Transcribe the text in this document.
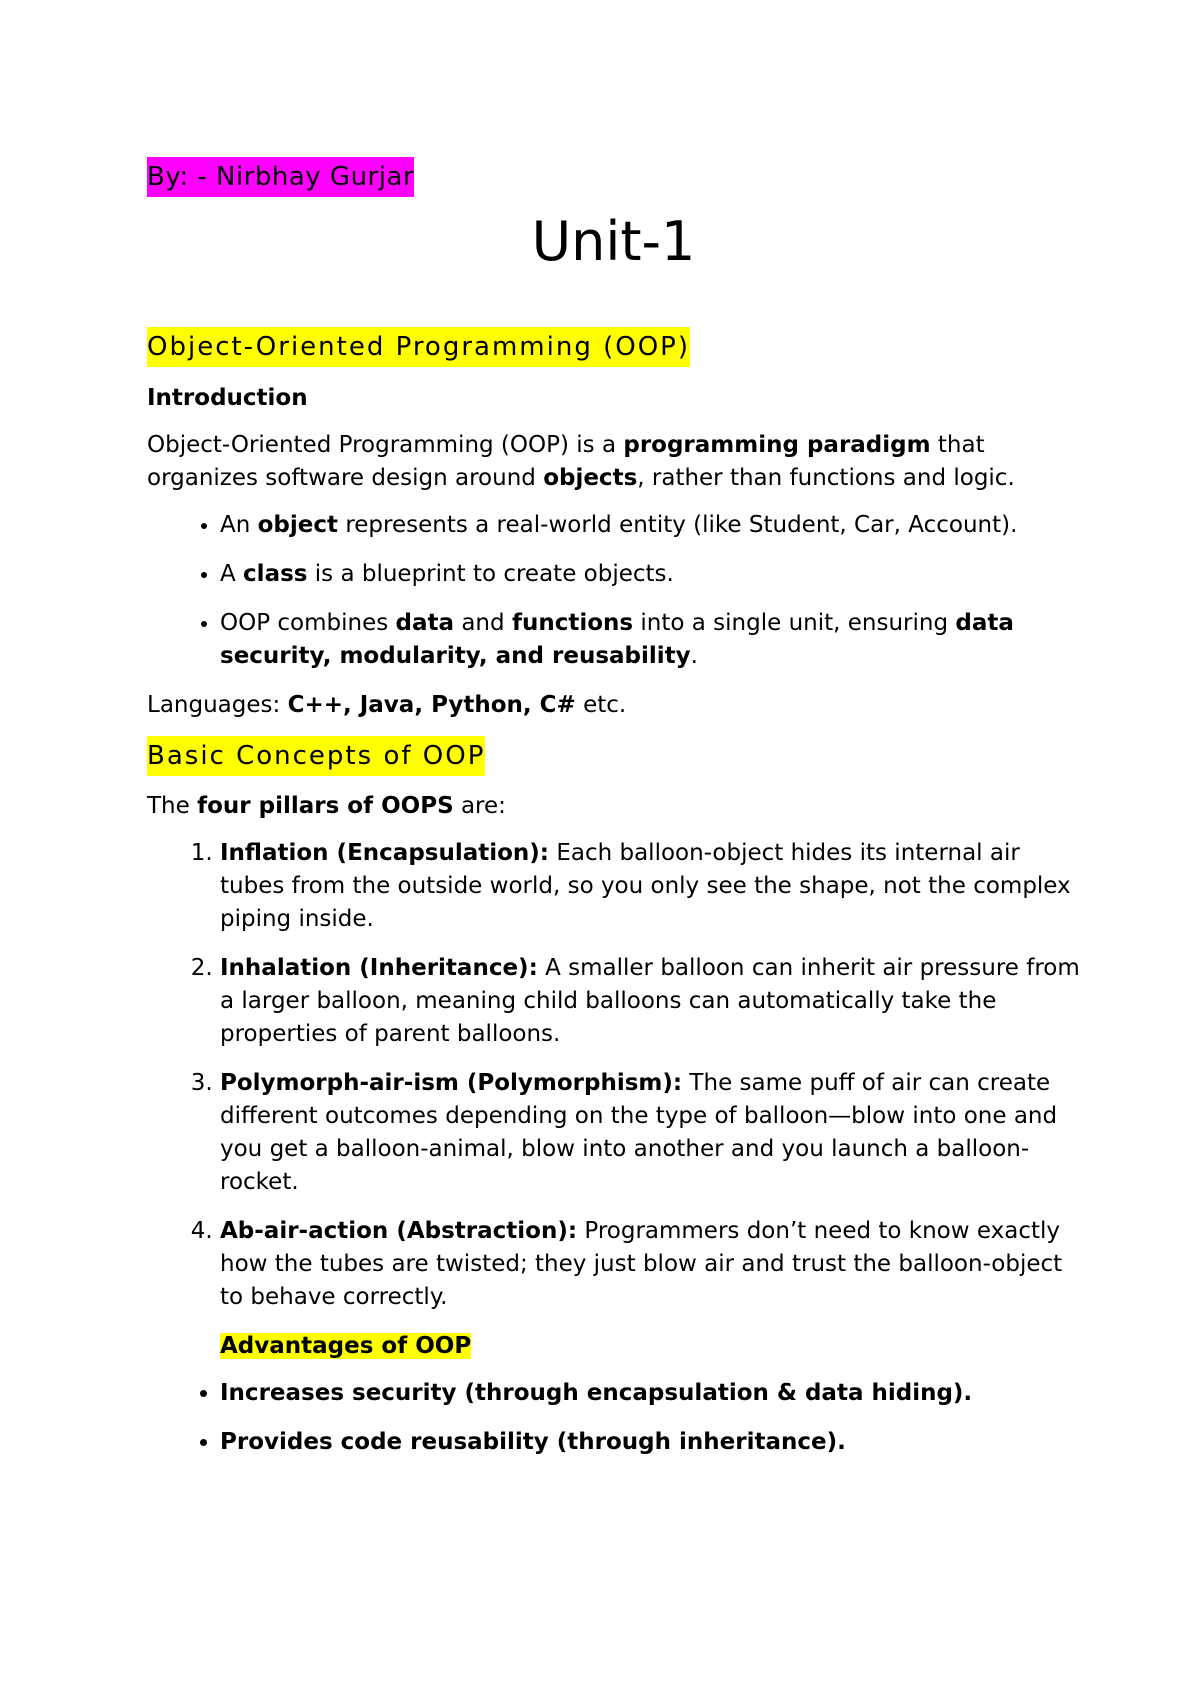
By: - Nirbhay Gurjar
Unit-1
Object-Oriented Programming (OOP)
Introduction

Object-Oriented Programming (OOP) is a programming paradigm that organizes software design around objects, rather than functions and logic.

• An object represents a real-world entity (like Student, Car, Account).
• A class is a blueprint to create objects.
• OOP combines data and functions into a single unit, ensuring data security, modularity, and reusability.

Languages: C++, Java, Python, C# etc.

Basic Concepts of OOP

The four pillars of OOPS are:

1. Inflation (Encapsulation): Each balloon-object hides its internal air tubes from the outside world, so you only see the shape, not the complex piping inside.
2. Inhalation (Inheritance): A smaller balloon can inherit air pressure from a larger balloon, meaning child balloons can automatically take the properties of parent balloons.
3. Polymorph-air-ism (Polymorphism): The same puff of air can create different outcomes depending on the type of balloon—blow into one and you get a balloon-animal, blow into another and you launch a balloon-rocket.
4. Ab-air-action (Abstraction): Programmers don’t need to know exactly how the tubes are twisted; they just blow air and trust the balloon-object to behave correctly.
Advantages of OOP
• Increases security (through encapsulation & data hiding).
• Provides code reusability (through inheritance).
